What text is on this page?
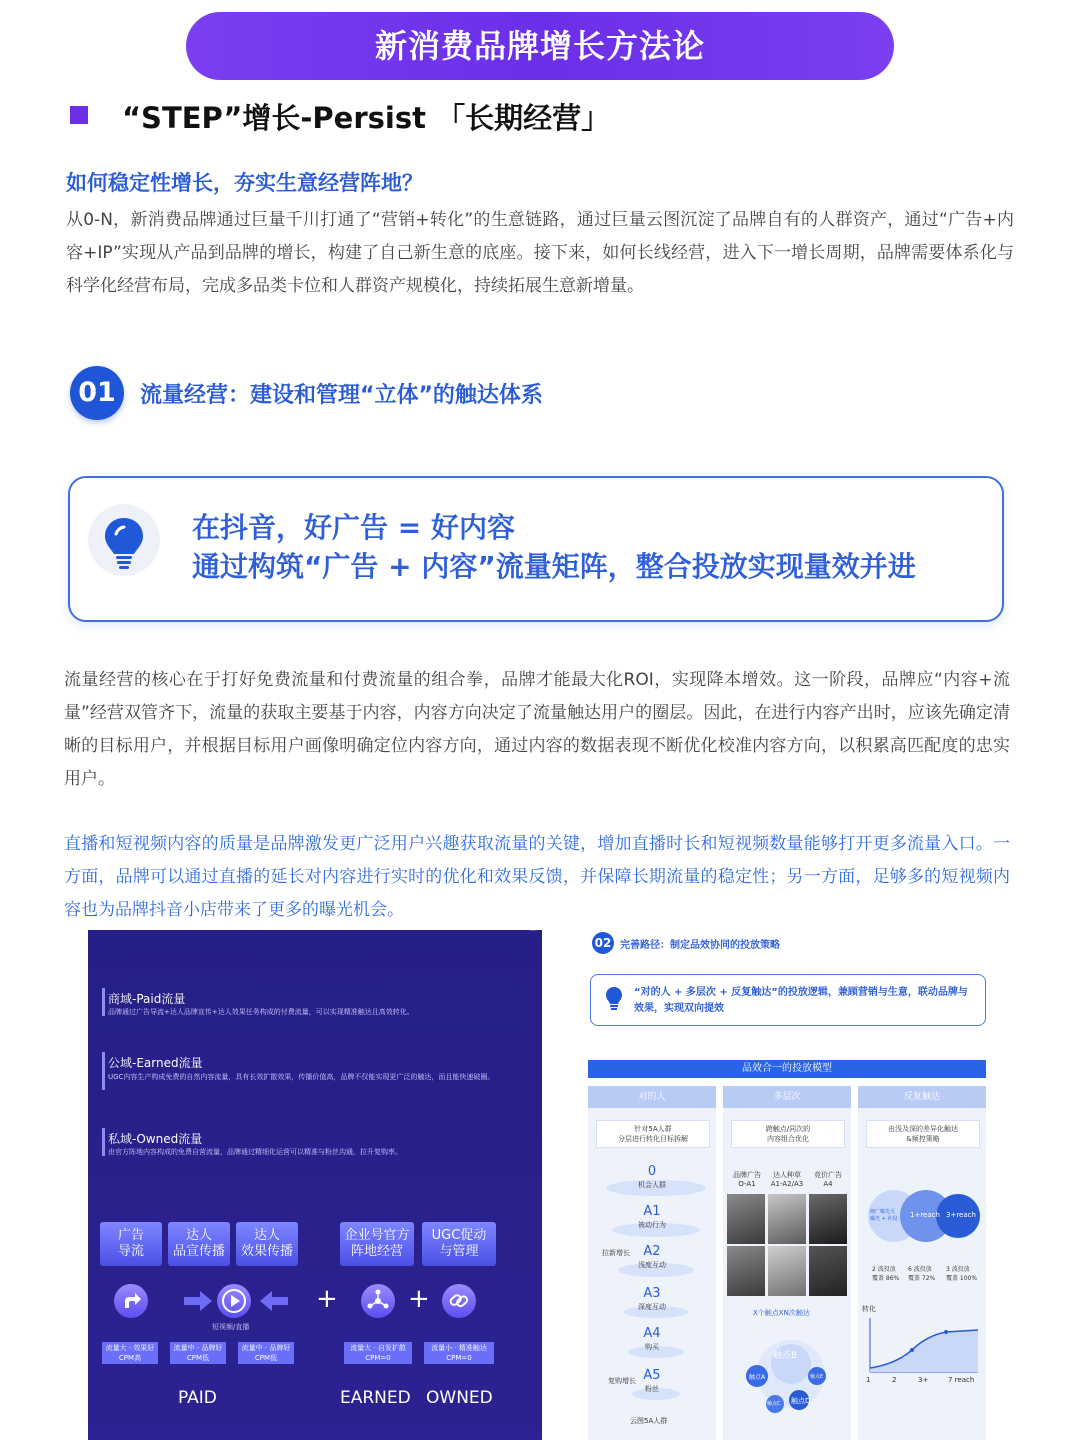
新消费品牌增长方法论
“STEP”增长-Persist 「长期经营」
如何稳定性增长，夯实生意经营阵地？
从0-N，新消费品牌通过巨量千川打通了“营销+转化”的生意链路，通过巨量云图沉淀了品牌自有的人群资产，通过“广告+内容+IP”实现从产品到品牌的增长，构建了自己新生意的底座。接下来，如何长线经营，进入下一增长周期，品牌需要体系化与科学化经营布局，完成多品类卡位和人群资产规模化，持续拓展生意新增量。
01	流量经营：建设和管理“立体”的触达体系
在抖音，好广告 = 好内容
通过构筑“广告 + 内容”流量矩阵，整合投放实现量效并进
流量经营的核心在于打好免费流量和付费流量的组合拳，品牌才能最大化ROI，实现降本增效。这一阶段，品牌应“内容+流量”经营双管齐下，流量的获取主要基于内容，内容方向决定了流量触达用户的圈层。因此，在进行内容产出时，应该先确定清晰的目标用户，并根据目标用户画像明确定位内容方向，通过内容的数据表现不断优化校准内容方向，以积累高匹配度的忠实用户。
直播和短视频内容的质量是品牌激发更广泛用户兴趣获取流量的关键，增加直播时长和短视频数量能够打开更多流量入口。一方面，品牌可以通过直播的延长对内容进行实时的优化和效果反馈，并保障长期流量的稳定性；另一方面，足够多的短视频内容也为品牌抖音小店带来了更多的曝光机会。
商域-Paid流量
品牌通过广告导流+达人品牌宣传+达人效果任务构成的付费流量，可以实现精准触达且高效转化。
公域-Earned流量
UGC内容生产构成免费的自然内容流量，具有长效扩散效果，传播价值高，品牌不仅能实现更广泛的触达，而且能快速破圈。
私域-Owned流量
由官方阵地内容构成的免费自营流量，品牌通过精细化运营可以精准与粉丝沟通，拉升复购率。
广告
导流
达人
品宣传播
达人
效果传播
企业号官方
阵地经营
UGC促动
与管理
短视频/直播
+	+
流量大 · 效果好
CPM高
流量中 · 品牌好
CPM低
流量中 · 品牌好
CPM低
流量大 · 自发扩散
CPM=0
流量小 · 精准触达
CPM=0
PAID	EARNED OWNED
02 完善路径：制定品效协同的投放策略
“对的人 + 多层次 + 反复触达”的投放逻辑，兼顾营销与生意，联动品牌与效果，实现双向提效
品效合一的投放模型
对的人
针对5A人群
分层进行转化目标拆解
0
机会人群
A1
被动行为
A2
浅度互动
A3
深度互动
A4
购买
A5
粉丝
拉新增长
复购增长
云图5A人群
多层次
跨触点/同次的
内容组合优化
品牌广告
O-A1
达人种草
A1-A2/A3
竞价广告
A4
X个触点XN次触达
触点B
触点A	触点E
触点C 触点D
反复触达
由浅及深的差异化触达
&频控策略
硬广曝光大
曝光 + 补投	1+reach 3+reach
2 波投放
覆盖 86%
6 波投放
覆盖 72%
3 波投放
覆盖 100%
转化
1	2	3+	7 reach
